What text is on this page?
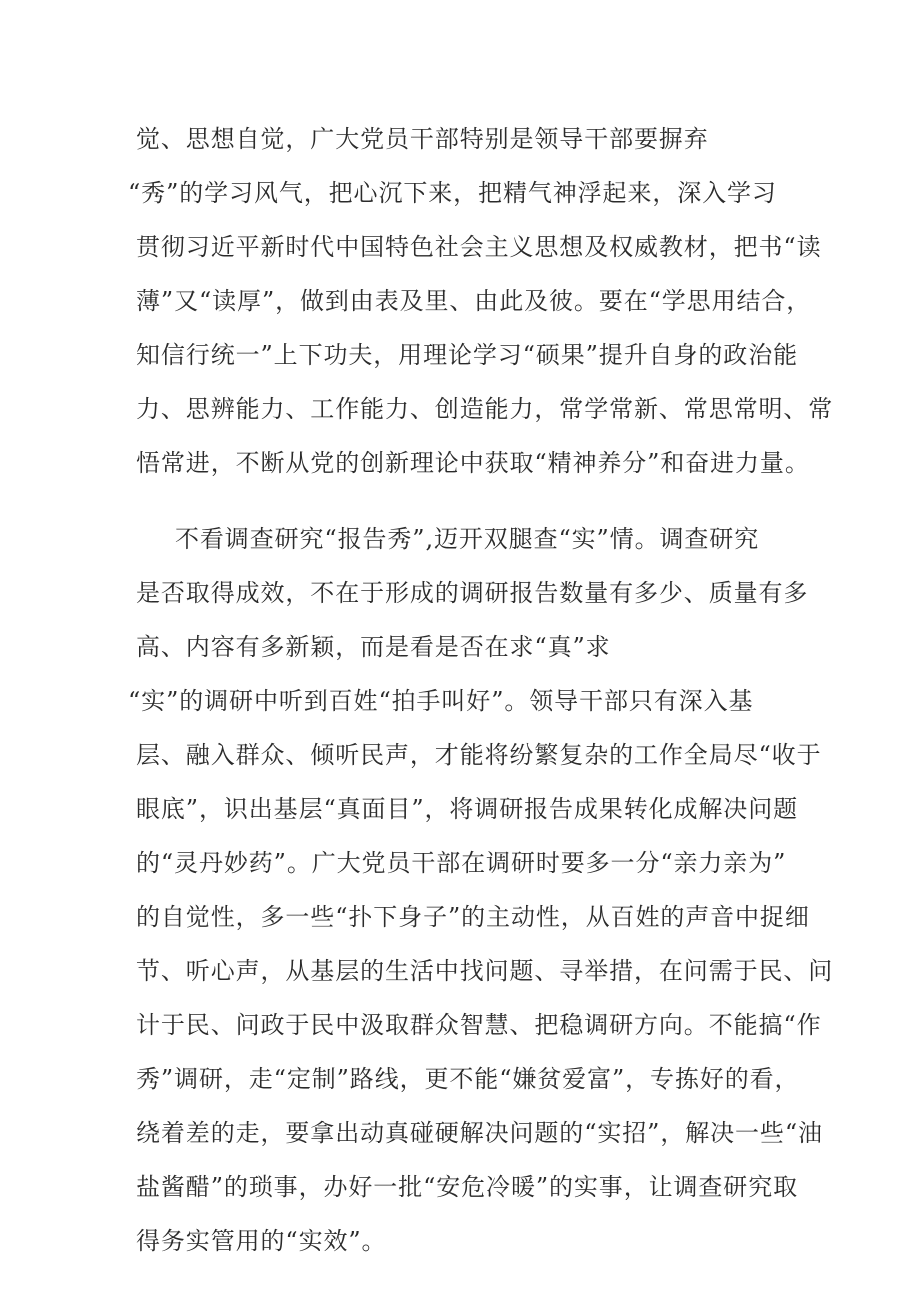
觉、思想自觉，广大党员干部特别是领导干部要摒弃
“秀”的学习风气，把心沉下来，把精气神浮起来，深入学习
贯彻习近平新时代中国特色社会主义思想及权威教材，把书“读
薄”又“读厚”，做到由表及里、由此及彼。要在“学思用结合，
知信行统一”上下功夫，用理论学习“硕果”提升自身的政治能
力、思辨能力、工作能力、创造能力，常学常新、常思常明、常
悟常进，不断从党的创新理论中获取“精神养分”和奋进力量。
不看调查研究“报告秀”,迈开双腿查“实”情。调查研究
是否取得成效，不在于形成的调研报告数量有多少、质量有多
高、内容有多新颖，而是看是否在求“真”求
“实”的调研中听到百姓“拍手叫好”。领导干部只有深入基
层、融入群众、倾听民声，才能将纷繁复杂的工作全局尽“收于
眼底”，识出基层“真面目”，将调研报告成果转化成解决问题
的“灵丹妙药”。广大党员干部在调研时要多一分“亲力亲为”
的自觉性，多一些“扑下身子”的主动性，从百姓的声音中捉细
节、听心声，从基层的生活中找问题、寻举措，在问需于民、问
计于民、问政于民中汲取群众智慧、把稳调研方向。不能搞“作
秀”调研，走“定制”路线，更不能“嫌贫爱富”，专拣好的看，
绕着差的走，要拿出动真碰硬解决问题的“实招”，解决一些“油
盐酱醋”的琐事，办好一批“安危冷暖”的实事，让调查研究取
得务实管用的“实效”。
